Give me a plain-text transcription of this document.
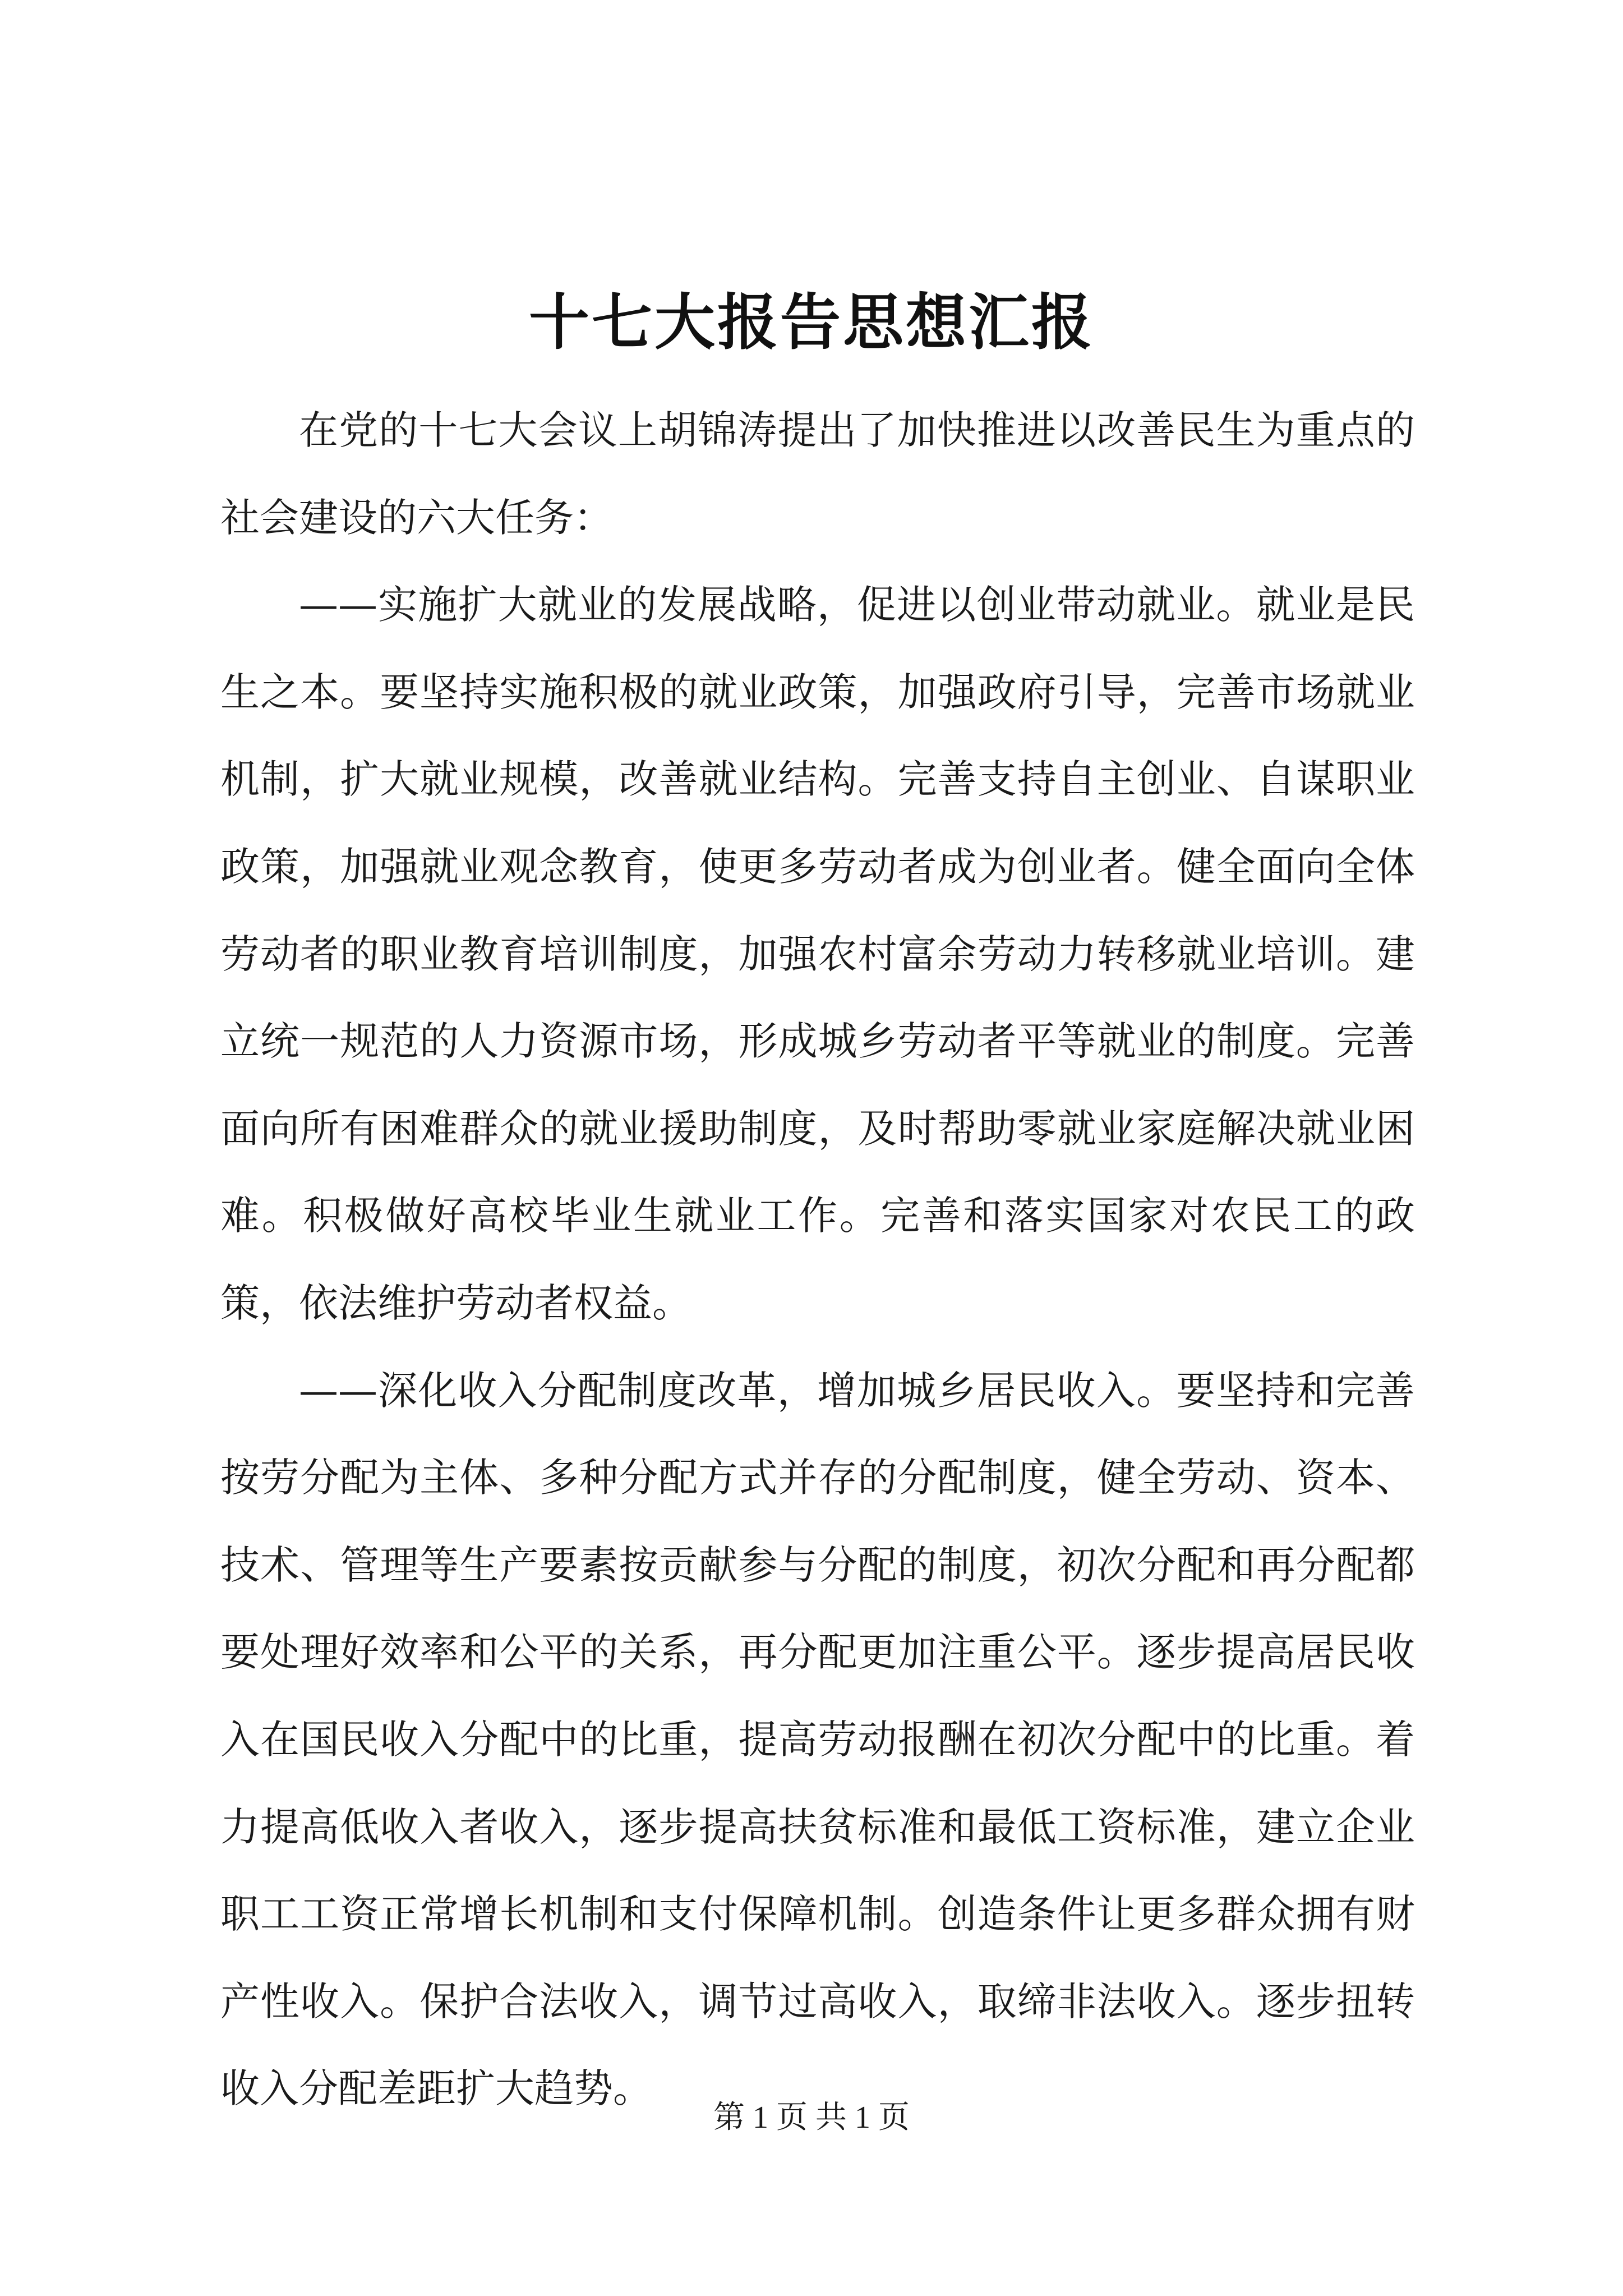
十七大报告思想汇报

在党的十七大会议上胡锦涛提出了加快推进以改善民生为重点的社会建设的六大任务：

——实施扩大就业的发展战略，促进以创业带动就业。就业是民生之本。要坚持实施积极的就业政策，加强政府引导，完善市场就业机制，扩大就业规模，改善就业结构。完善支持自主创业、自谋职业政策，加强就业观念教育，使更多劳动者成为创业者。健全面向全体劳动者的职业教育培训制度，加强农村富余劳动力转移就业培训。建立统一规范的人力资源市场，形成城乡劳动者平等就业的制度。完善面向所有困难群众的就业援助制度，及时帮助零就业家庭解决就业困难。积极做好高校毕业生就业工作。完善和落实国家对农民工的政策，依法维护劳动者权益。

——深化收入分配制度改革，增加城乡居民收入。要坚持和完善按劳分配为主体、多种分配方式并存的分配制度，健全劳动、资本、技术、管理等生产要素按贡献参与分配的制度，初次分配和再分配都要处理好效率和公平的关系，再分配更加注重公平。逐步提高居民收入在国民收入分配中的比重，提高劳动报酬在初次分配中的比重。着力提高低收入者收入，逐步提高扶贫标准和最低工资标准，建立企业职工工资正常增长机制和支付保障机制。创造条件让更多群众拥有财产性收入。保护合法收入，调节过高收入，取缔非法收入。逐步扭转收入分配差距扩大趋势。

第 1 页 共 1 页
